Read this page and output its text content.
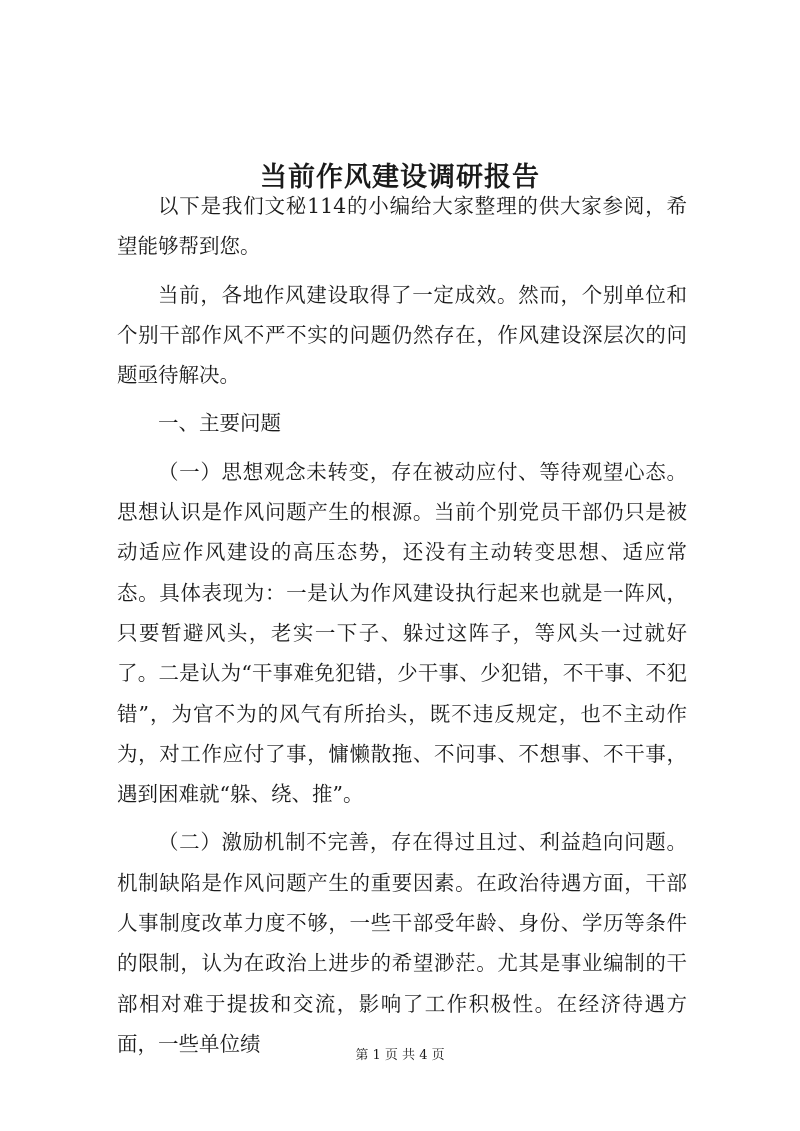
当前作风建设调研报告

以下是我们文秘114的小编给大家整理的供大家参阅，希望能够帮到您。

当前，各地作风建设取得了一定成效。然而，个别单位和个别干部作风不严不实的问题仍然存在，作风建设深层次的问题亟待解决。

一、主要问题

（一）思想观念未转变，存在被动应付、等待观望心态。思想认识是作风问题产生的根源。当前个别党员干部仍只是被动适应作风建设的高压态势，还没有主动转变思想、适应常态。具体表现为：一是认为作风建设执行起来也就是一阵风，只要暂避风头，老实一下子、躲过这阵子，等风头一过就好了。二是认为“干事难免犯错，少干事、少犯错，不干事、不犯错”，为官不为的风气有所抬头，既不违反规定，也不主动作为，对工作应付了事，慵懒散拖、不问事、不想事、不干事，遇到困难就“躲、绕、推”。

（二）激励机制不完善，存在得过且过、利益趋向问题。机制缺陷是作风问题产生的重要因素。在政治待遇方面，干部人事制度改革力度不够，一些干部受年龄、身份、学历等条件的限制，认为在政治上进步的希望渺茫。尤其是事业编制的干部相对难于提拔和交流，影响了工作积极性。在经济待遇方面，一些单位绩	第 1 页 共 4 页
